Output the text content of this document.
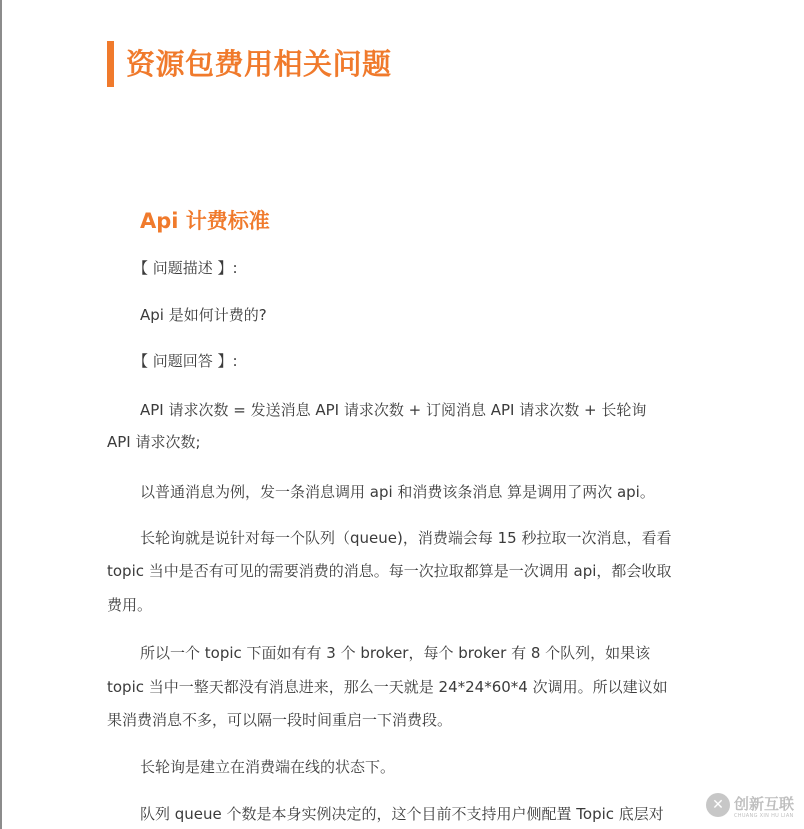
资源包费用相关问题
Api 计费标准
【 问题描述 】:
Api 是如何计费的?
【 问题回答 】:
API 请求次数 = 发送消息 API 请求次数 + 订阅消息 API 请求次数 + 长轮询
API 请求次数;
以普通消息为例，发一条消息调用 api 和消费该条消息 算是调用了两次 api。
长轮询就是说针对每一个队列（queue)，消费端会每 15 秒拉取一次消息，看看
topic 当中是否有可见的需要消费的消息。每一次拉取都算是一次调用 api，都会收取
费用。
所以一个 topic 下面如有有 3 个 broker，每个 broker 有 8 个队列，如果该
topic 当中一整天都没有消息进来，那么一天就是 24*24*60*4 次调用。所以建议如
果消费消息不多，可以隔一段时间重启一下消费段。
长轮询是建立在消费端在线的状态下。
队列 queue 个数是本身实例决定的，这个目前不支持用户侧配置 Topic 底层对	✕ 创新互联
CHUANG XIN HU LIAN
